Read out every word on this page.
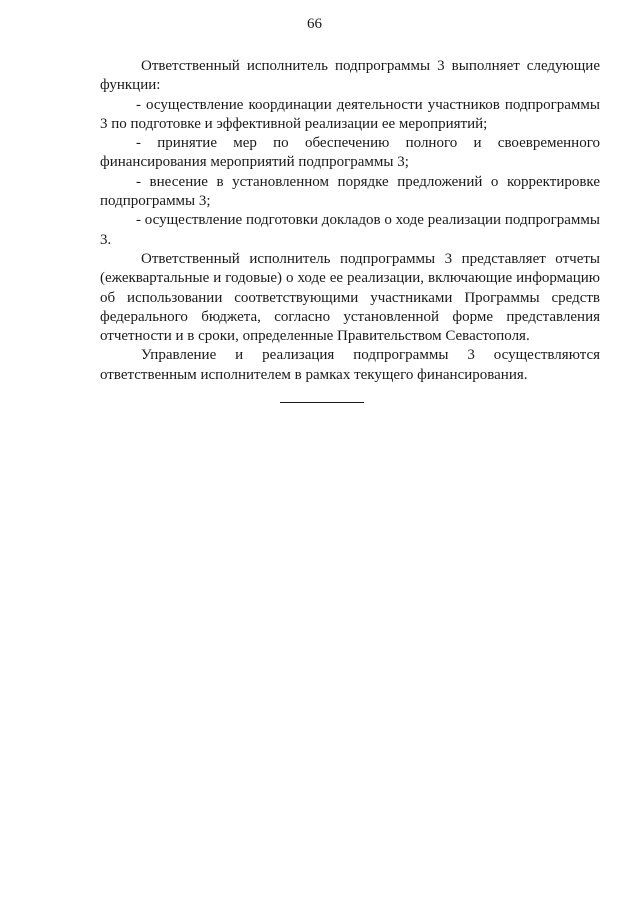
66

Ответственный исполнитель подпрограммы 3 выполняет следующие функции:

- осуществление координации деятельности участников подпрограммы 3 по подготовке и эффективной реализации ее мероприятий;

- принятие мер по обеспечению полного и своевременного финансирования мероприятий подпрограммы 3;

- внесение в установленном порядке предложений о корректировке подпрограммы 3;

- осуществление подготовки докладов о ходе реализации подпрограммы 3.

Ответственный исполнитель подпрограммы 3 представляет отчеты (ежеквартальные и годовые) о ходе ее реализации, включающие информацию об использовании соответствующими участниками Программы средств федерального бюджета, согласно установленной форме представления отчетности и в сроки, определенные Правительством Севастополя.

Управление и реализация подпрограммы 3 осуществляются ответственным исполнителем в рамках текущего финансирования.
